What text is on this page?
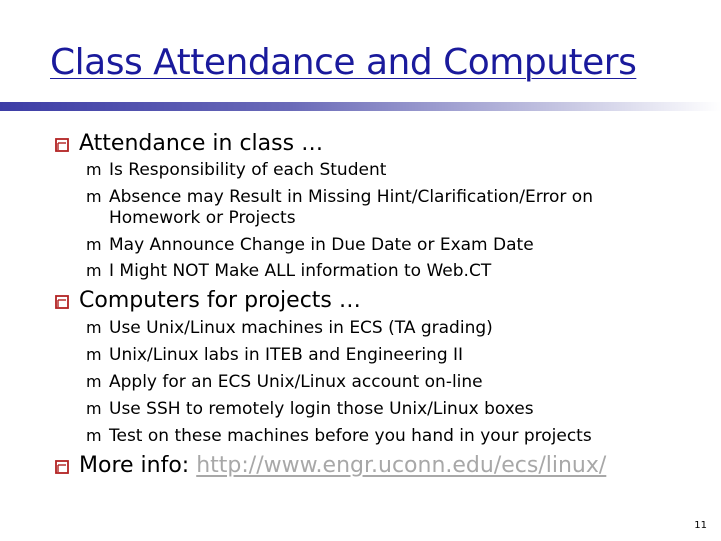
Class Attendance and Computers
Attendance in class …
m Is Responsibility of each Student
m Absence may Result in Missing Hint/Clarification/Error on
Homework or Projects
m May Announce Change in Due Date or Exam Date
m I Might NOT Make ALL information to Web.CT
Computers for projects …
m Use Unix/Linux machines in ECS (TA grading)
m Unix/Linux labs in ITEB and Engineering II
m Apply for an ECS Unix/Linux account on-line
m Use SSH to remotely login those Unix/Linux boxes
m Test on these machines before you hand in your projects
More info: http://www.engr.uconn.edu/ecs/linux/
11
